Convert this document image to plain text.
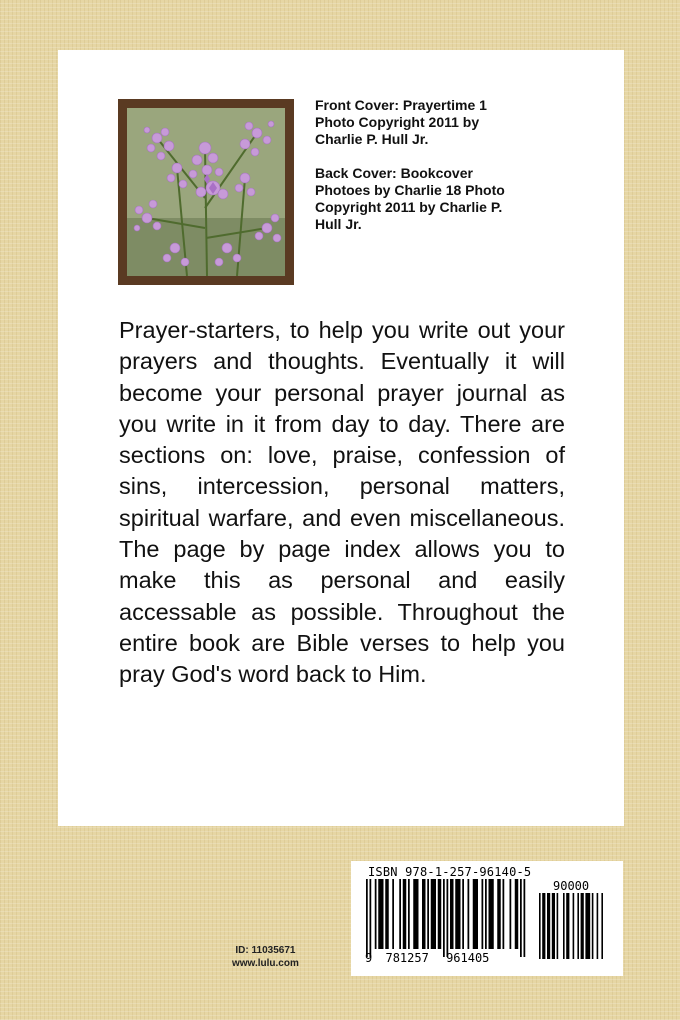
Front Cover: Prayertime 1
Photo Copyright 2011 by
Charlie P. Hull Jr.

Back Cover: Bookcover
Photoes by Charlie 18 Photo
Copyright 2011 by Charlie P.
Hull Jr.

Prayer-starters, to help you write out your prayers and thoughts. Eventually it will become your personal prayer journal as you write in it from day to day. There are sections on: love, praise, confession of sins, intercession, personal matters, spiritual warfare, and even miscellaneous. The page by page index allows you to make this as personal and easily accessable as possible. Throughout the entire book are Bible verses to help you pray God's word back to Him.
ID: 11035671
www.lulu.com
ISBN 978-1-257-96140-5
90000
9 781257 961405
